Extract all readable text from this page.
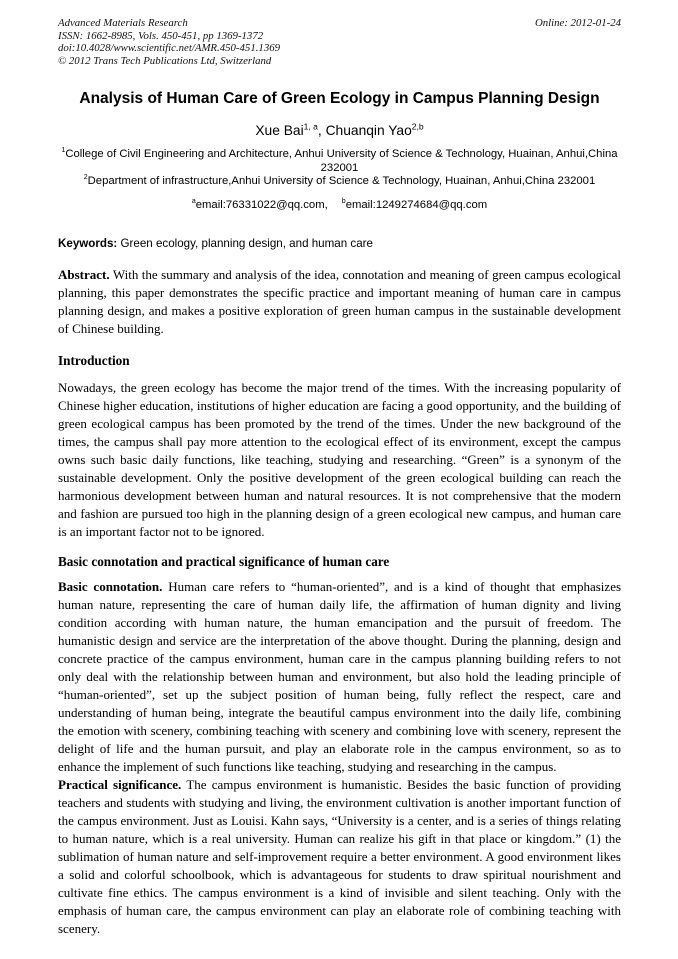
Advanced Materials Research
ISSN: 1662-8985, Vols. 450-451, pp 1369-1372
doi:10.4028/www.scientific.net/AMR.450-451.1369
© 2012 Trans Tech Publications Ltd, Switzerland
Online: 2012-01-24
Analysis of Human Care of Green Ecology in Campus Planning Design
Xue Bai$^{1, a}$, Chuanqin Yao$^{2,b}$
$^1$College of Civil Engineering and Architecture, Anhui University of Science & Technology, Huainan, Anhui,China 232001
$^2$Department of infrastructure,Anhui University of Science & Technology, Huainan, Anhui,China 232001
$^a$email:76331022@qq.com, $^b$email:1249274684@qq.com
Keywords: Green ecology, planning design, and human care

Abstract. With the summary and analysis of the idea, connotation and meaning of green campus ecological planning, this paper demonstrates the specific practice and important meaning of human care in campus planning design, and makes a positive exploration of green human campus in the sustainable development of Chinese building.

Introduction

Nowadays, the green ecology has become the major trend of the times. With the increasing popularity of Chinese higher education, institutions of higher education are facing a good opportunity, and the building of green ecological campus has been promoted by the trend of the times. Under the new background of the times, the campus shall pay more attention to the ecological effect of its environment, except the campus owns such basic daily functions, like teaching, studying and researching. “Green” is a synonym of the sustainable development. Only the positive development of the green ecological building can reach the harmonious development between human and natural resources. It is not comprehensive that the modern and fashion are pursued too high in the planning design of a green ecological new campus, and human care is an important factor not to be ignored.

Basic connotation and practical significance of human care

Basic connotation. Human care refers to “human-oriented”, and is a kind of thought that emphasizes human nature, representing the care of human daily life, the affirmation of human dignity and living condition according with human nature, the human emancipation and the pursuit of freedom. The humanistic design and service are the interpretation of the above thought. During the planning, design and concrete practice of the campus environment, human care in the campus planning building refers to not only deal with the relationship between human and environment, but also hold the leading principle of “human-oriented”, set up the subject position of human being, fully reflect the respect, care and understanding of human being, integrate the beautiful campus environment into the daily life, combining the emotion with scenery, combining teaching with scenery and combining love with scenery, represent the delight of life and the human pursuit, and play an elaborate role in the campus environment, so as to enhance the implement of such functions like teaching, studying and researching in the campus.

Practical significance. The campus environment is humanistic. Besides the basic function of providing teachers and students with studying and living, the environment cultivation is another important function of the campus environment. Just as Louisi. Kahn says, “University is a center, and is a series of things relating to human nature, which is a real university. Human can realize his gift in that place or kingdom.” (1) the sublimation of human nature and self-improvement require a better environment. A good environment likes a solid and colorful schoolbook, which is advantageous for students to draw spiritual nourishment and cultivate fine ethics. The campus environment is a kind of invisible and silent teaching. Only with the emphasis of human care, the campus environment can play an elaborate role of combining teaching with scenery.
